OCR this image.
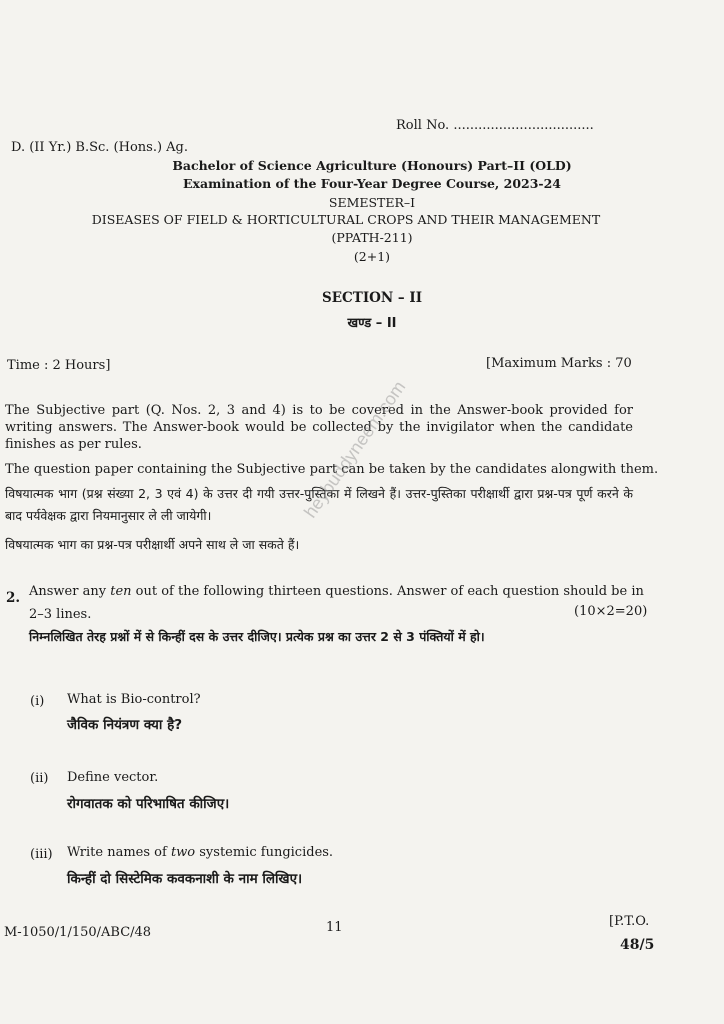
Roll No. ..................................
D. (II Yr.) B.Sc. (Hons.) Ag.
Bachelor of Science Agriculture (Honours) Part–II (OLD)
Examination of the Four-Year Degree Course, 2023-24
SEMESTER–I
DISEASES OF FIELD & HORTICULTURAL CROPS AND THEIR MANAGEMENT
(PPATH-211)
(2+1)
SECTION – II
खण्ड – II
Time : 2 Hours]	[Maximum Marks : 70
The Subjective part (Q. Nos. 2, 3 and 4) is to be covered in the Answer-book provided for writing answers. The Answer-book would be collected by the invigilator when the candidate finishes as per rules.
The question paper containing the Subjective part can be taken by the candidates alongwith them.
विषयात्मक भाग (प्रश्न संख्या 2, 3 एवं 4) के उत्तर दी गयी उत्तर-पुस्तिका में लिखने हैं। उत्तर-पुस्तिका परीक्षार्थी द्वारा प्रश्न-पत्र पूर्ण करने के बाद पर्यवेक्षक द्वारा नियमानुसार ले ली जायेगी।
विषयात्मक भाग का प्रश्न-पत्र परीक्षार्थी अपने साथ ले जा सकते हैं।
2. Answer any ten out of the following thirteen questions. Answer of each question should be in
2–3 lines.	(10×2=20)
निम्नलिखित तेरह प्रश्नों में से किन्हीं दस के उत्तर दीजिए। प्रत्येक प्रश्न का उत्तर 2 से 3 पंक्तियों में हो।
(i) What is Bio-control?
जैविक नियंत्रण क्या है?
(ii) Define vector.
रोगवातक को परिभाषित कीजिए।
(iii) Write names of two systemic fungicides.
किन्हीं दो सिस्टेमिक कवकनाशी के नाम लिखिए।
M-1050/1/150/ABC/48	11	[P.T.O.
48/5
heybuddyneem.com
